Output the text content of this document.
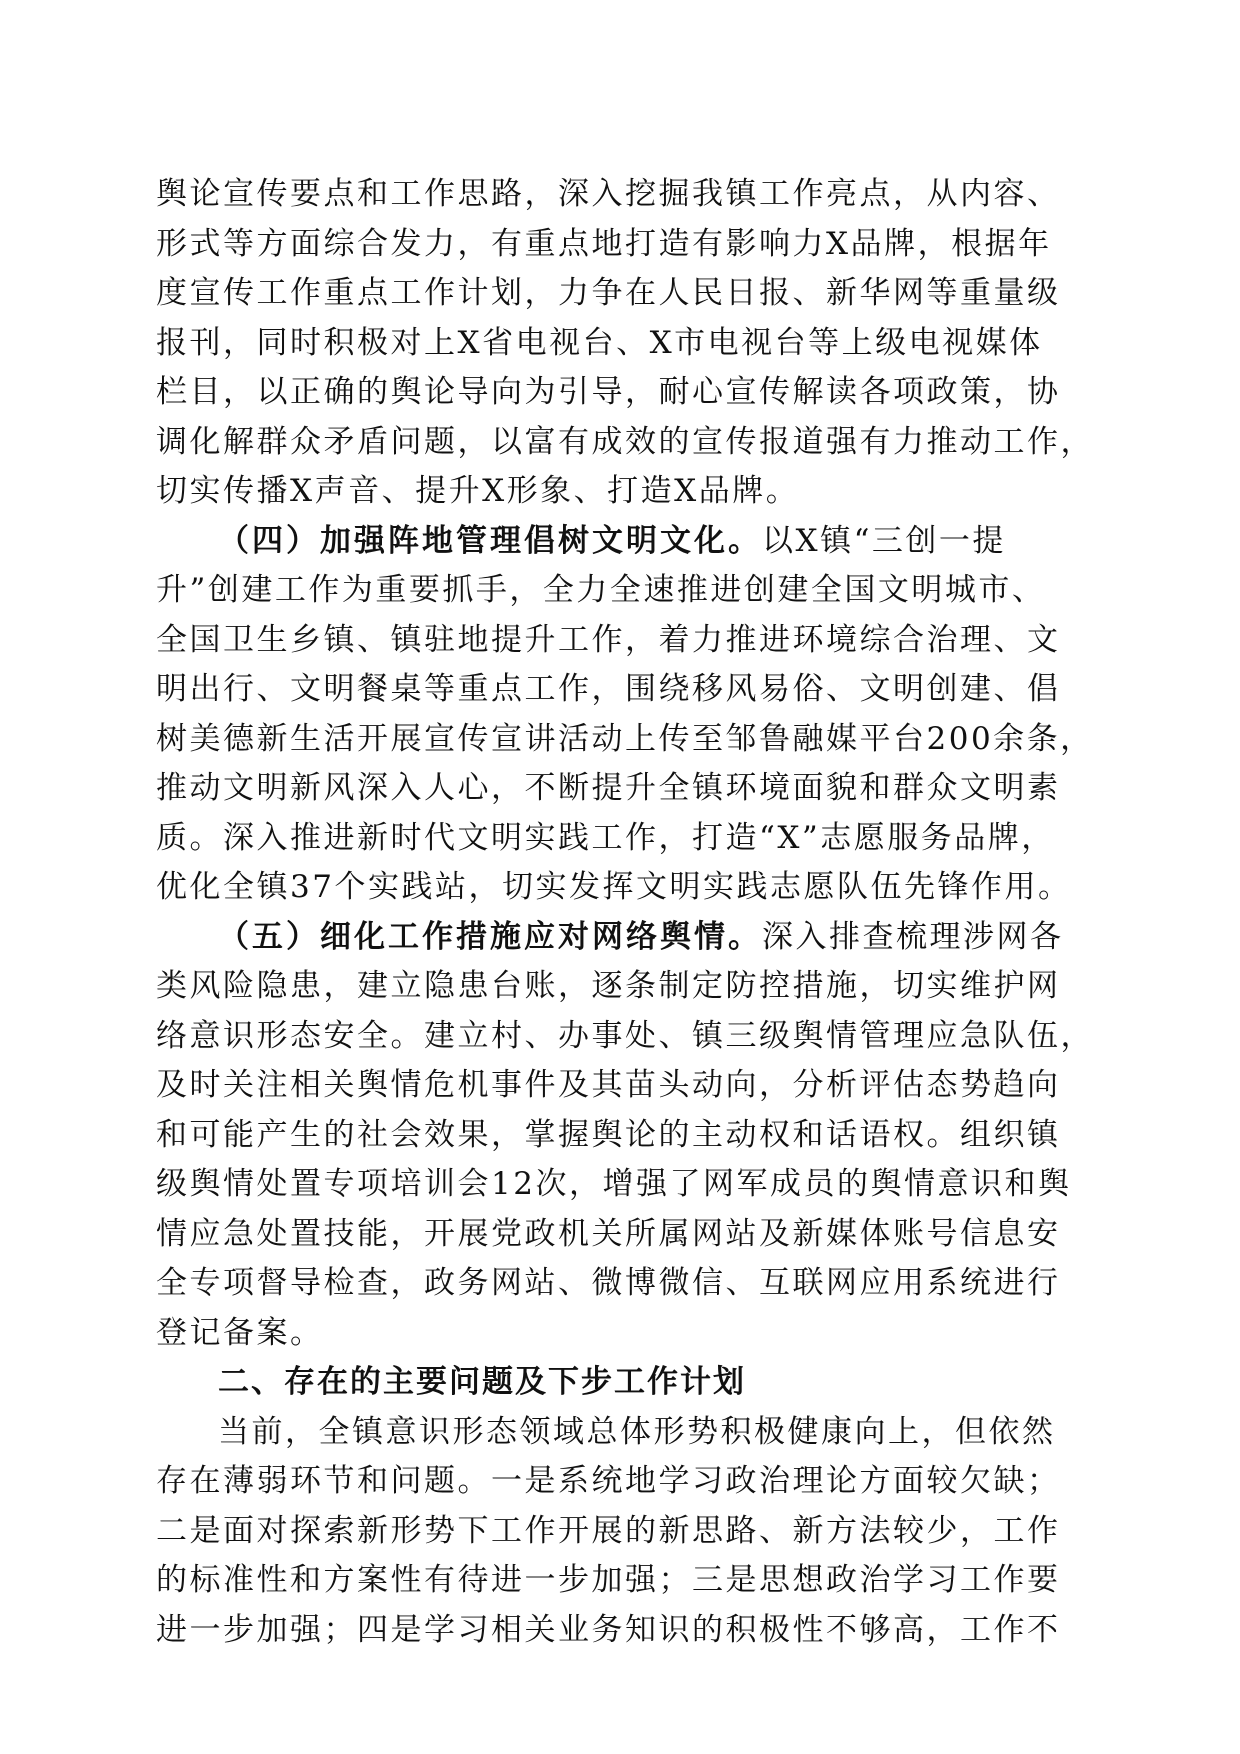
舆论宣传要点和工作思路，深入挖掘我镇工作亮点，从内容、
形式等方面综合发力，有重点地打造有影响力X品牌，根据年
度宣传工作重点工作计划，力争在人民日报、新华网等重量级
报刊，同时积极对上X省电视台、X市电视台等上级电视媒体
栏目，以正确的舆论导向为引导，耐心宣传解读各项政策，协
调化解群众矛盾问题，以富有成效的宣传报道强有力推动工作，
切实传播X声音、提升X形象、打造X品牌。
（四）加强阵地管理倡树文明文化。以X镇“三创一提
升”创建工作为重要抓手，全力全速推进创建全国文明城市、
全国卫生乡镇、镇驻地提升工作，着力推进环境综合治理、文
明出行、文明餐桌等重点工作，围绕移风易俗、文明创建、倡
树美德新生活开展宣传宣讲活动上传至邹鲁融媒平台200余条，
推动文明新风深入人心，不断提升全镇环境面貌和群众文明素
质。深入推进新时代文明实践工作，打造“X”志愿服务品牌，
优化全镇37个实践站，切实发挥文明实践志愿队伍先锋作用。
（五）细化工作措施应对网络舆情。深入排查梳理涉网各
类风险隐患，建立隐患台账，逐条制定防控措施，切实维护网
络意识形态安全。建立村、办事处、镇三级舆情管理应急队伍，
及时关注相关舆情危机事件及其苗头动向，分析评估态势趋向
和可能产生的社会效果，掌握舆论的主动权和话语权。组织镇
级舆情处置专项培训会12次，增强了网军成员的舆情意识和舆
情应急处置技能，开展党政机关所属网站及新媒体账号信息安
全专项督导检查，政务网站、微博微信、互联网应用系统进行
登记备案。
二、存在的主要问题及下步工作计划
当前，全镇意识形态领域总体形势积极健康向上，但依然
存在薄弱环节和问题。一是系统地学习政治理论方面较欠缺；
二是面对探索新形势下工作开展的新思路、新方法较少，工作
的标准性和方案性有待进一步加强；三是思想政治学习工作要
进一步加强；四是学习相关业务知识的积极性不够高，工作不
